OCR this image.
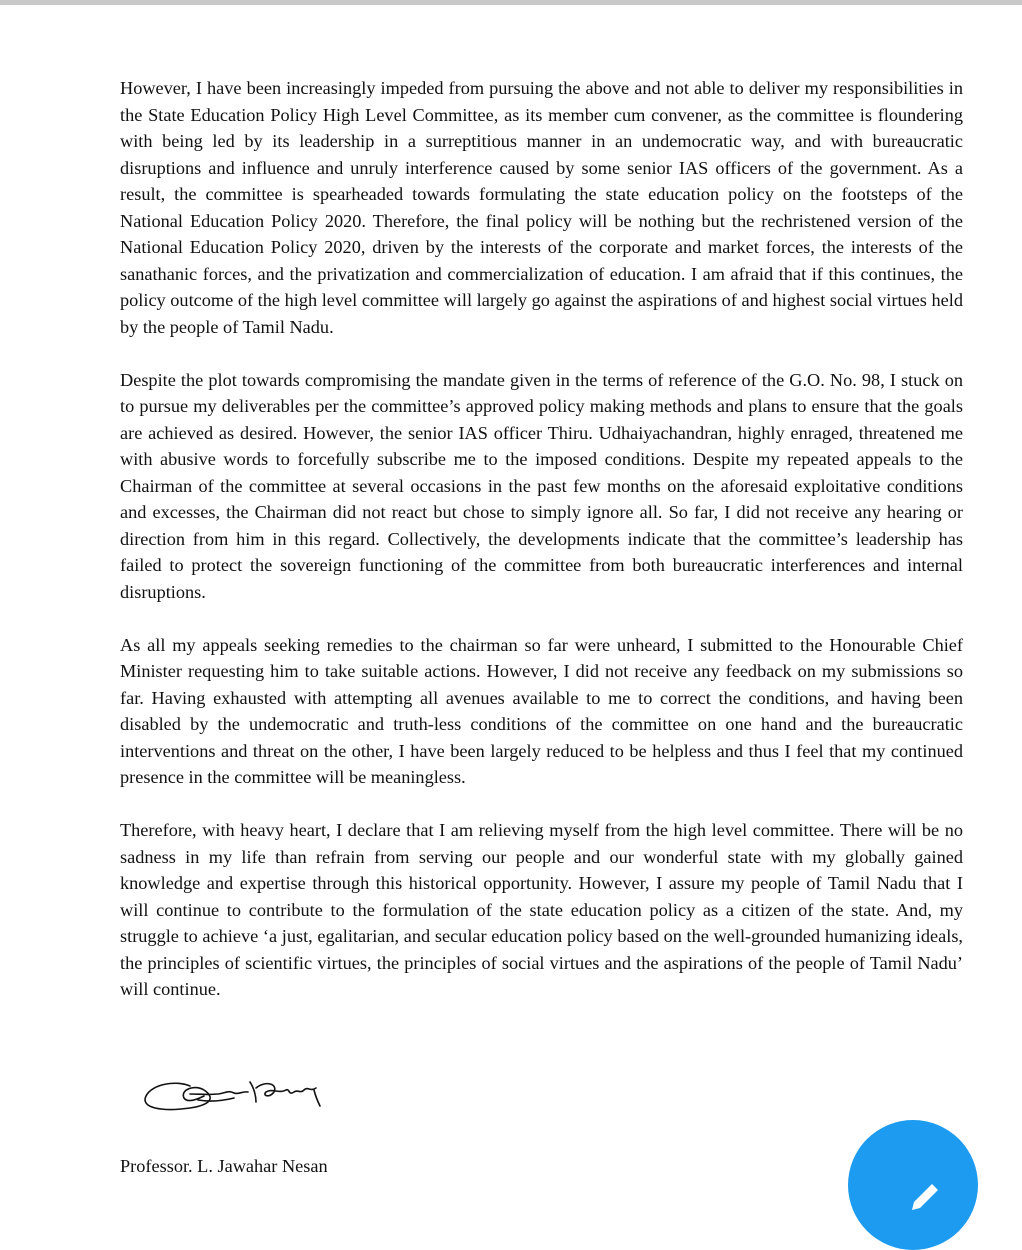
However, I have been increasingly impeded from pursuing the above and not able to deliver my responsibilities in the State Education Policy High Level Committee, as its member cum convener, as the committee is floundering with being led by its leadership in a surreptitious manner in an undemocratic way, and with bureaucratic disruptions and influence and unruly interference caused by some senior IAS officers of the government. As a result, the committee is spearheaded towards formulating the state education policy on the footsteps of the National Education Policy 2020. Therefore, the final policy will be nothing but the rechristened version of the National Education Policy 2020, driven by the interests of the corporate and market forces, the interests of the sanathanic forces, and the privatization and commercialization of education. I am afraid that if this continues, the policy outcome of the high level committee will largely go against the aspirations of and highest social virtues held by the people of Tamil Nadu.

Despite the plot towards compromising the mandate given in the terms of reference of the G.O. No. 98, I stuck on to pursue my deliverables per the committee’s approved policy making methods and plans to ensure that the goals are achieved as desired. However, the senior IAS officer Thiru. Udhaiyachandran, highly enraged, threatened me with abusive words to forcefully subscribe me to the imposed conditions. Despite my repeated appeals to the Chairman of the committee at several occasions in the past few months on the aforesaid exploitative conditions and excesses, the Chairman did not react but chose to simply ignore all. So far, I did not receive any hearing or direction from him in this regard. Collectively, the developments indicate that the committee’s leadership has failed to protect the sovereign functioning of the committee from both bureaucratic interferences and internal disruptions.

As all my appeals seeking remedies to the chairman so far were unheard, I submitted to the Honourable Chief Minister requesting him to take suitable actions. However, I did not receive any feedback on my submissions so far. Having exhausted with attempting all avenues available to me to correct the conditions, and having been disabled by the undemocratic and truth-less conditions of the committee on one hand and the bureaucratic interventions and threat on the other, I have been largely reduced to be helpless and thus I feel that my continued presence in the committee will be meaningless.

Therefore, with heavy heart, I declare that I am relieving myself from the high level committee. There will be no sadness in my life than refrain from serving our people and our wonderful state with my globally gained knowledge and expertise through this historical opportunity. However, I assure my people of Tamil Nadu that I will continue to contribute to the formulation of the state education policy as a citizen of the state. And, my struggle to achieve ‘a just, egalitarian, and secular education policy based on the well-grounded humanizing ideals, the principles of scientific virtues, the principles of social virtues and the aspirations of the people of Tamil Nadu’ will continue.

Professor. L. Jawahar Nesan
